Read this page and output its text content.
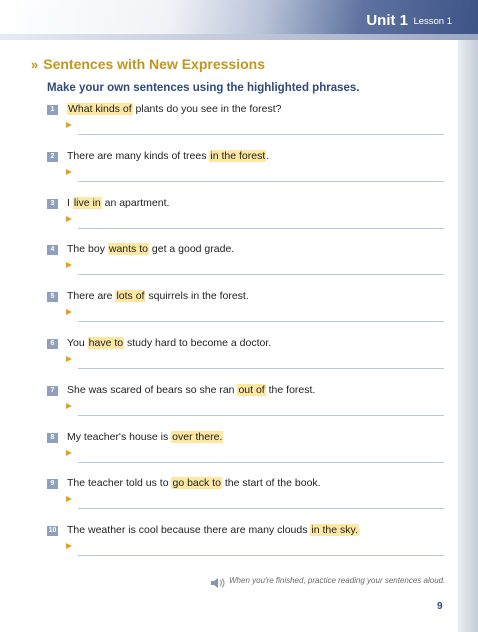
Unit 1 Lesson 1
» Sentences with New Expressions
Make your own sentences using the highlighted phrases.
1	What kinds of plants do you see in the forest?
2	There are many kinds of trees in the forest.
3	I live in an apartment.
4	The boy wants to get a good grade.
5	There are lots of squirrels in the forest.
6	You have to study hard to become a doctor.
7	She was scared of bears so she ran out of the forest.
8	My teacher's house is over there.
9	The teacher told us to go back to the start of the book.
10 The weather is cool because there are many clouds in the sky.
When you're finished, practice reading your sentences aloud.
9
